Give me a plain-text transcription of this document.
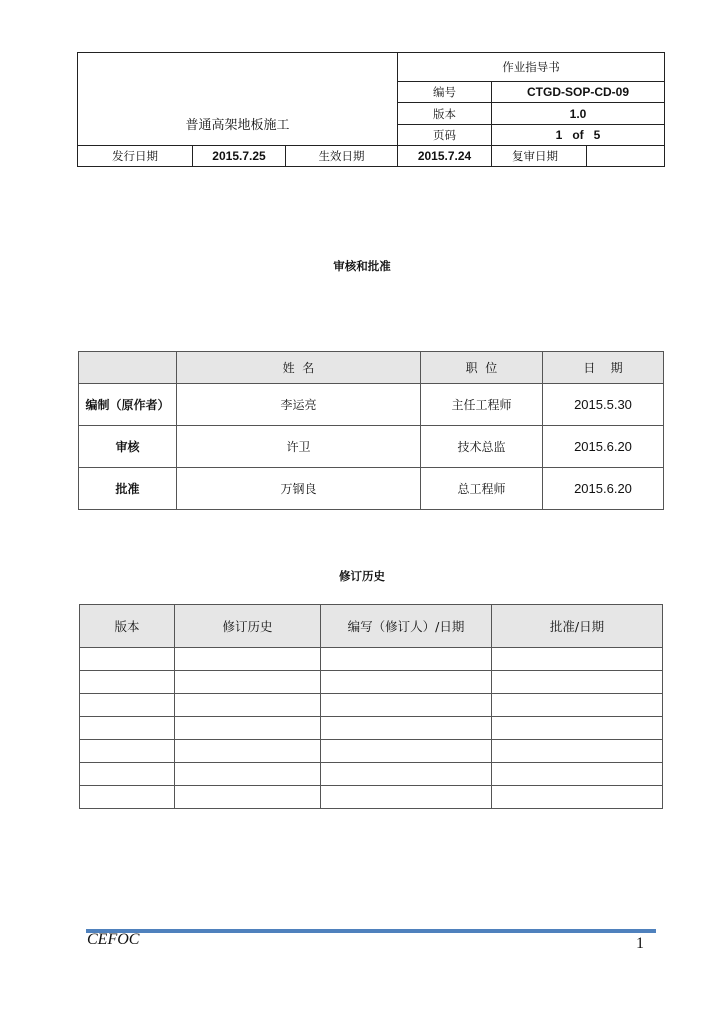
普通高架地板施工			作业指导书		
			编号	CTGD-SOP-CD-09	
			版本	1.0	
			页码	1   of   5	
发行日期	2015.7.25	生效日期	2015.7.24	复审日期	
审核和批准
	姓  名	职  位	日    期
编制（原作者）	李运亮	主任工程师	2015.5.30
审核	许卫	技术总监	2015.6.20
批准	万钢良	总工程师	2015.6.20
修订历史
版本	修订历史	编写（修订人）/日期	批准/日期

CEFOC	1
